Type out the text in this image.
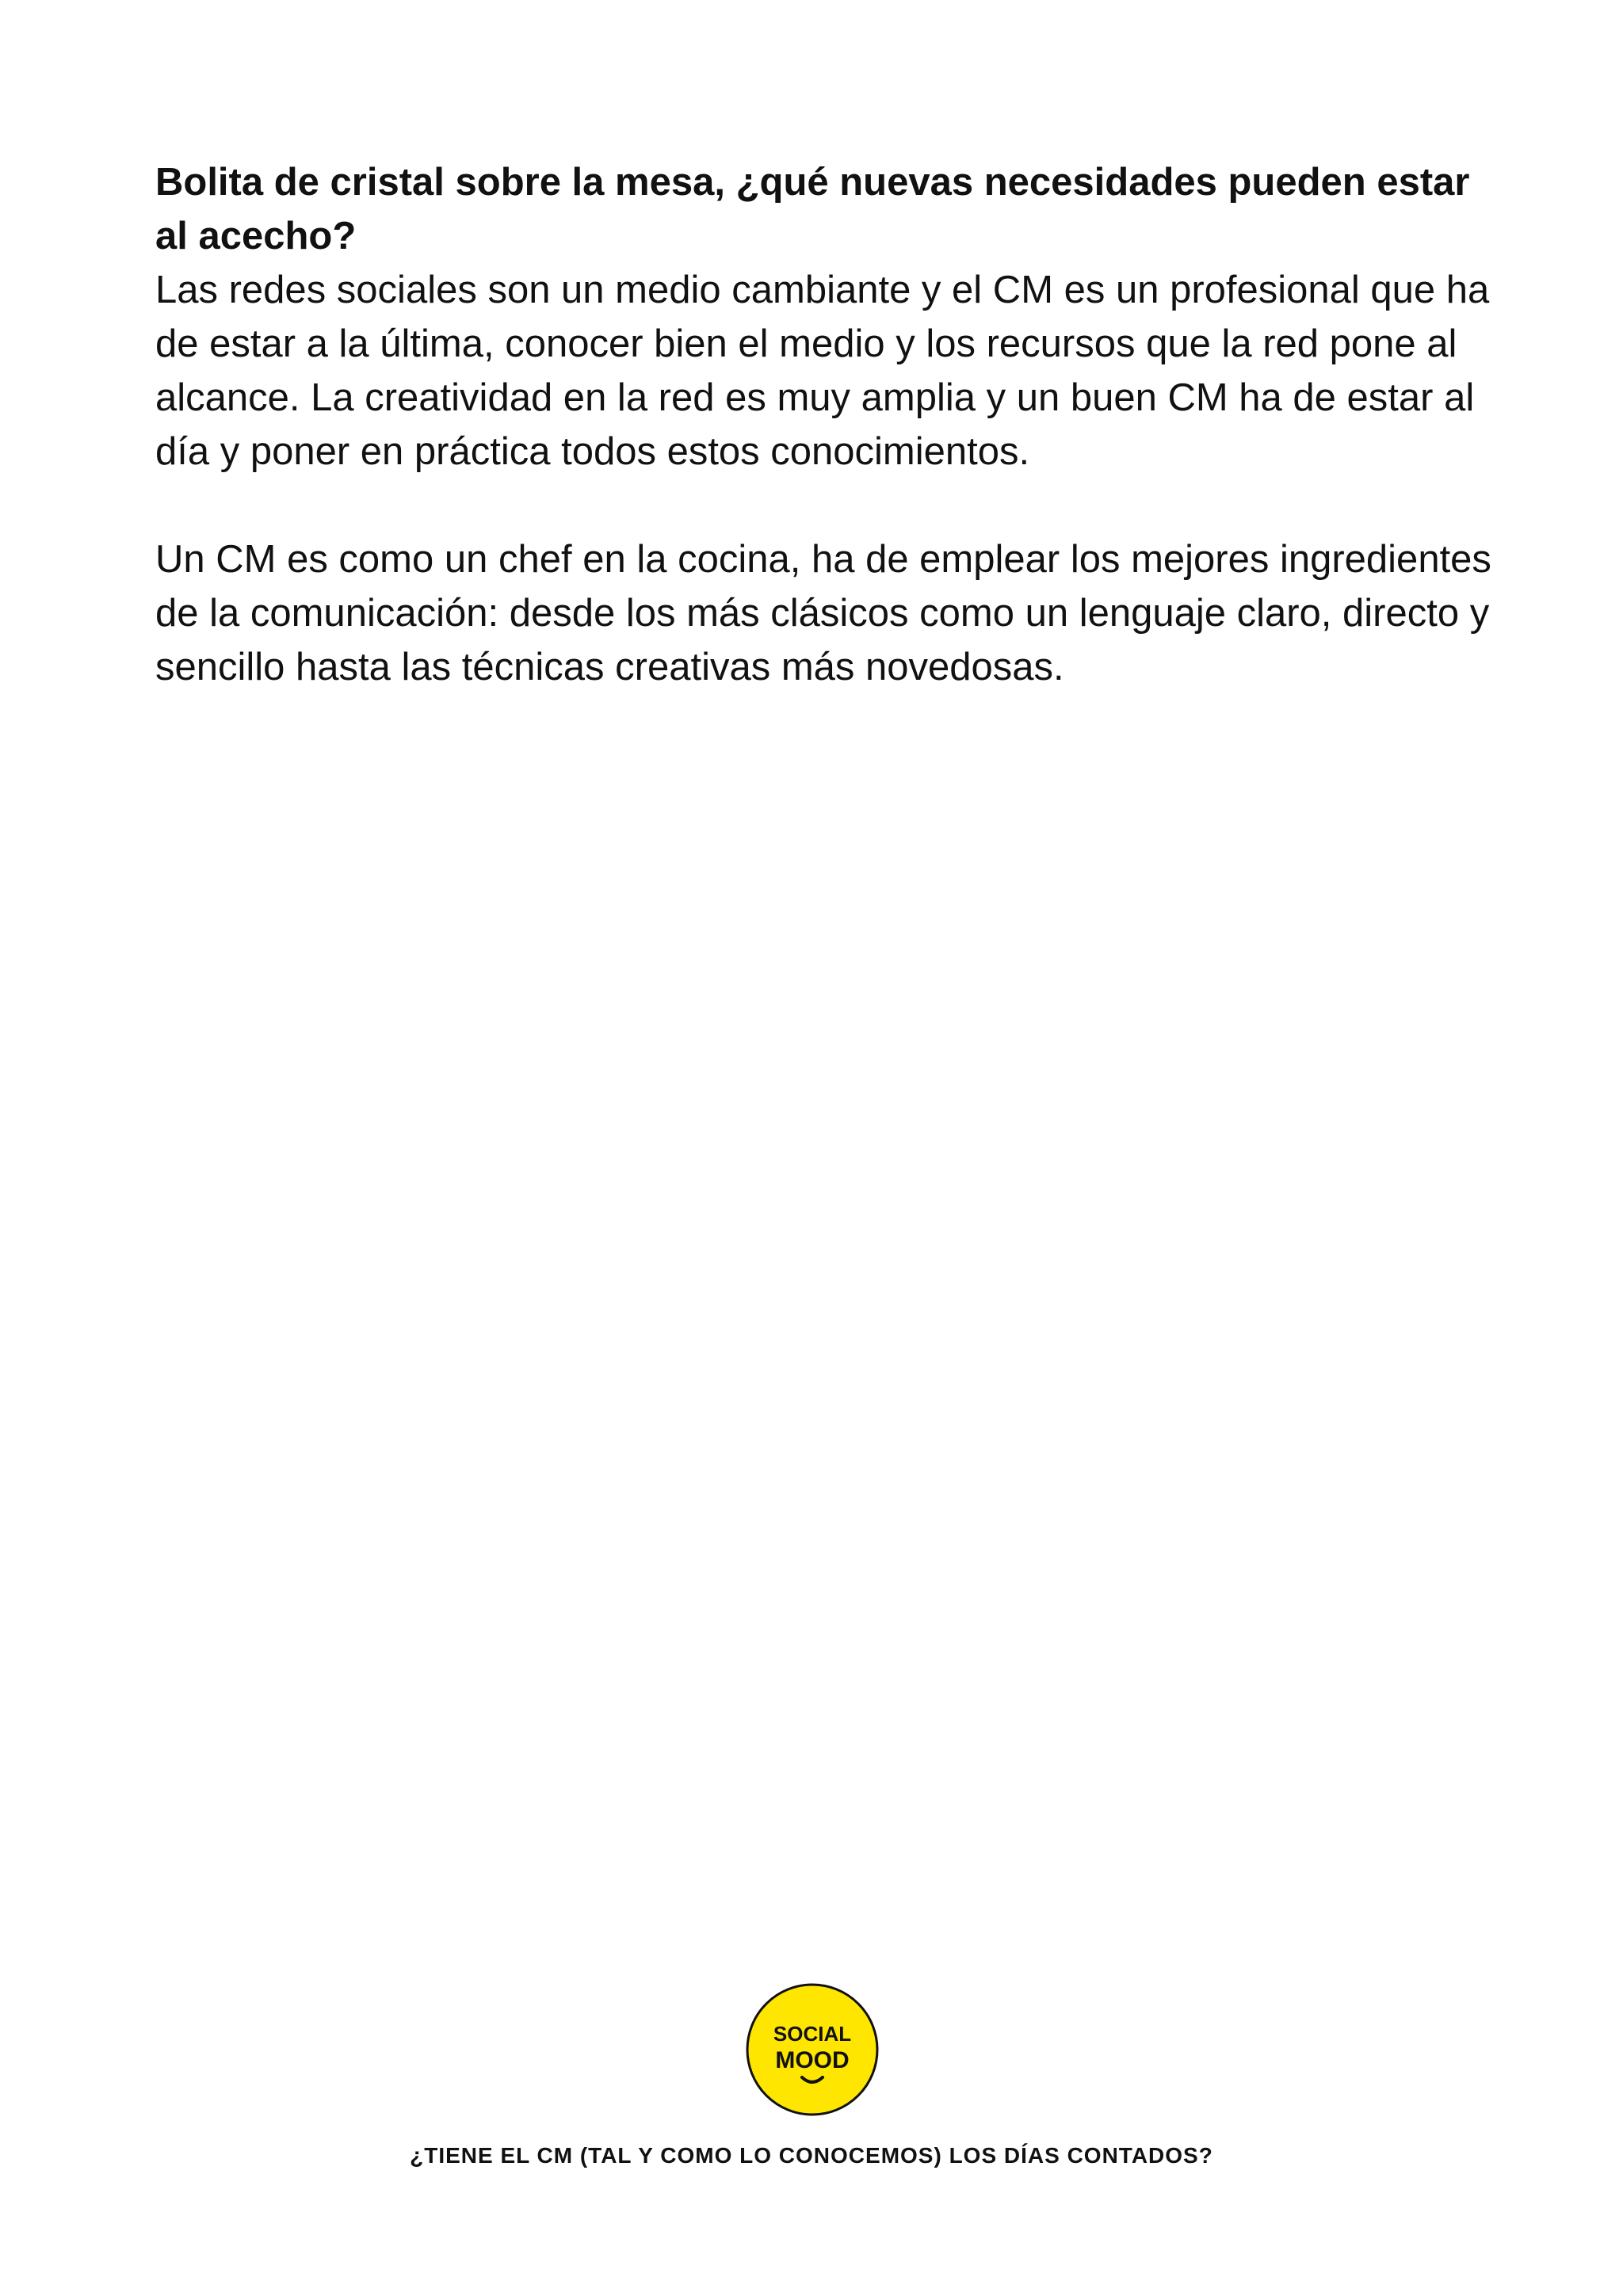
Bolita de cristal sobre la mesa, ¿qué nuevas necesidades pueden estar al acecho?

Las redes sociales son un medio cambiante y el CM es un profesional que ha de estar a la última, conocer bien el medio y los recursos que la red pone al alcance. La creatividad en la red es muy amplia y un buen CM ha de estar al día y poner en práctica todos estos conocimientos.

Un CM es como un chef en la cocina, ha de emplear los mejores ingredientes de la comunicación: desde los más clásicos como un lenguaje claro, directo y sencillo hasta las técnicas creativas más novedosas.

SOCIAL
MOOD
¿TIENE EL CM (TAL Y COMO LO CONOCEMOS) LOS DÍAS CONTADOS?
